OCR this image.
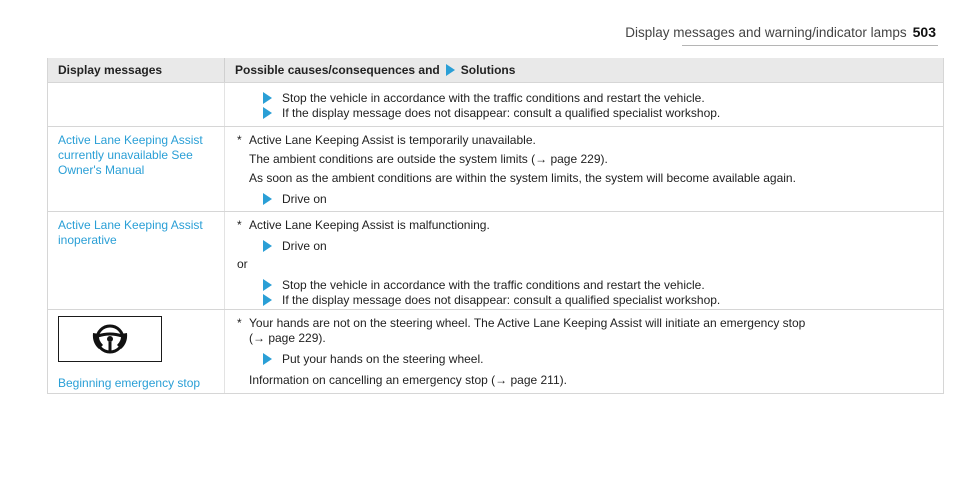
Display messages and warning/indicator lamps 503
Display messages	Possible causes/consequences and Solutions
Stop the vehicle in accordance with the traffic conditions and restart the vehicle.
If the display message does not disappear: consult a qualified specialist workshop.
Active Lane Keeping Assist currently unavailable See Owner's Manual
* Active Lane Keeping Assist is temporarily unavailable.
The ambient conditions are outside the system limits (→ page 229).
As soon as the ambient conditions are within the system limits, the system will become available again.
Drive on
Active Lane Keeping Assist inoperative
* Active Lane Keeping Assist is malfunctioning.
Drive on
or
Stop the vehicle in accordance with the traffic conditions and restart the vehicle.
If the display message does not disappear: consult a qualified specialist workshop.
Beginning emergency stop
* Your hands are not on the steering wheel. The Active Lane Keeping Assist will initiate an emergency stop
(→ page 229).
Put your hands on the steering wheel.
Information on cancelling an emergency stop (→ page 211).
